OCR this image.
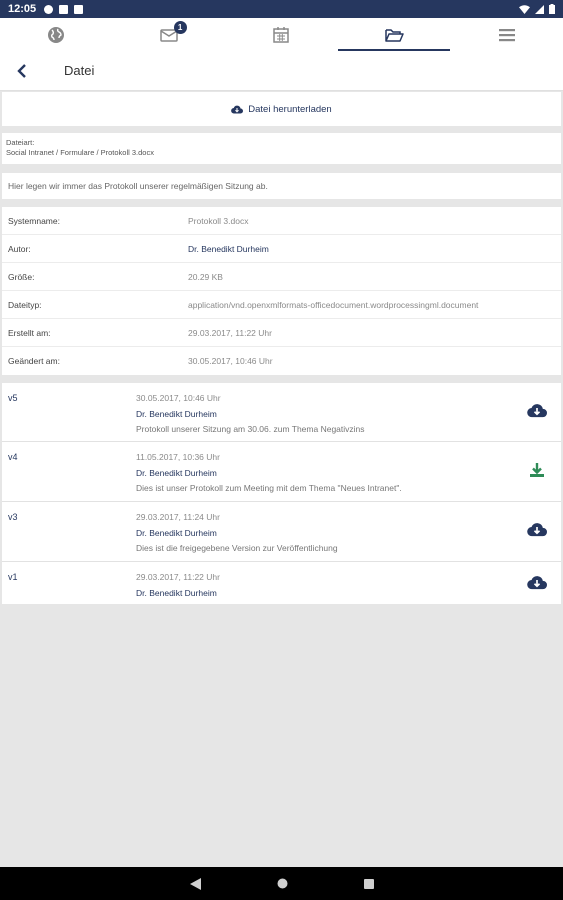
12:05
1
Datei
Datei herunterladen
Dateiart:
Social Intranet / Formulare / Protokoll 3.docx
Hier legen wir immer das Protokoll unserer regelmäßigen Sitzung ab.
Systemname:	Protokoll 3.docx
Autor:	Dr. Benedikt Durheim
Größe:	20.29 KB
Dateityp:	application/vnd.openxmlformats-officedocument.wordprocessingml.document
Erstellt am:	29.03.2017, 11:22 Uhr
Geändert am:	30.05.2017, 10:46 Uhr
v5	30.05.2017, 10:46 Uhr
Dr. Benedikt Durheim
Protokoll unserer Sitzung am 30.06. zum Thema Negativzins
v4	11.05.2017, 10:36 Uhr
Dr. Benedikt Durheim
Dies ist unser Protokoll zum Meeting mit dem Thema "Neues Intranet".
v3	29.03.2017, 11:24 Uhr
Dr. Benedikt Durheim
Dies ist die freigegebene Version zur Veröffentlichung
v1	29.03.2017, 11:22 Uhr
Dr. Benedikt Durheim
